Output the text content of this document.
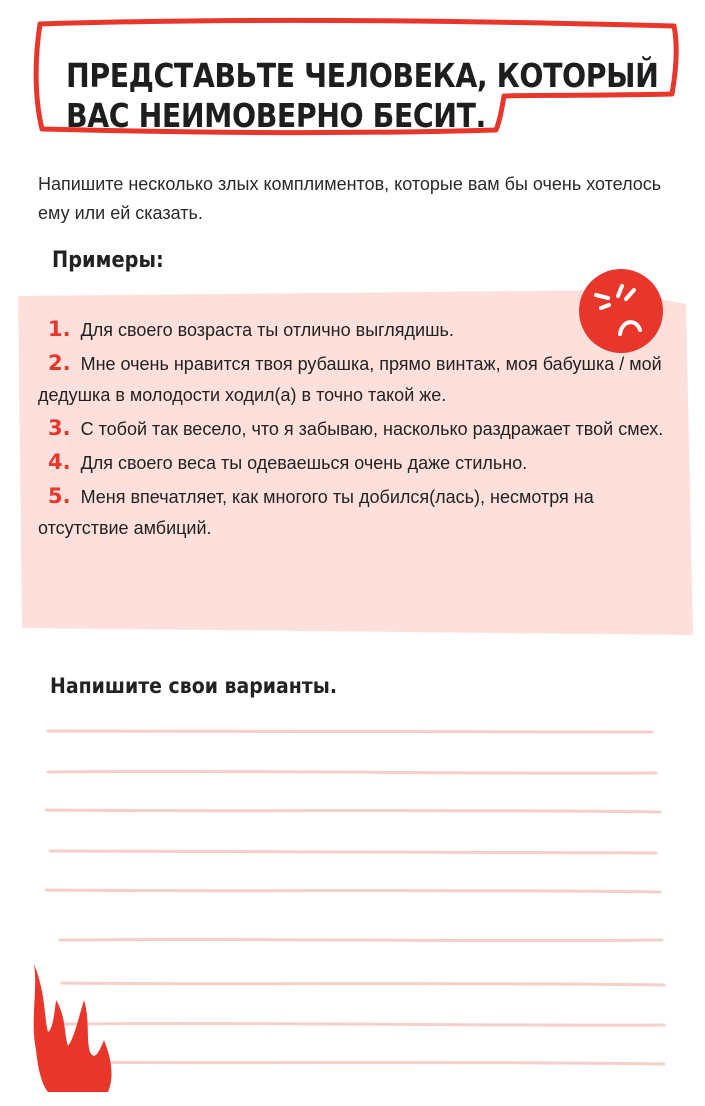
ПРЕДСТАВЬТЕ ЧЕЛОВЕКА, КОТОРЫЙ
ВАС НЕИМОВЕРНО БЕСИТ.
Напишите несколько злых комплиментов, которые вам бы очень хотелось ему или ей сказать.
Примеры:
1. Для своего возраста ты отлично выглядишь.
2. Мне очень нравится твоя рубашка, прямо винтаж, моя бабушка / мой дедушка в молодости ходил(а) в точно такой же.
3. С тобой так весело, что я забываю, насколько раздражает твой смех.
4. Для своего веса ты одеваешься очень даже стильно.
5. Меня впечатляет, как многого ты добился(лась), несмотря на отсутствие амбиций.
Напишите свои варианты.
